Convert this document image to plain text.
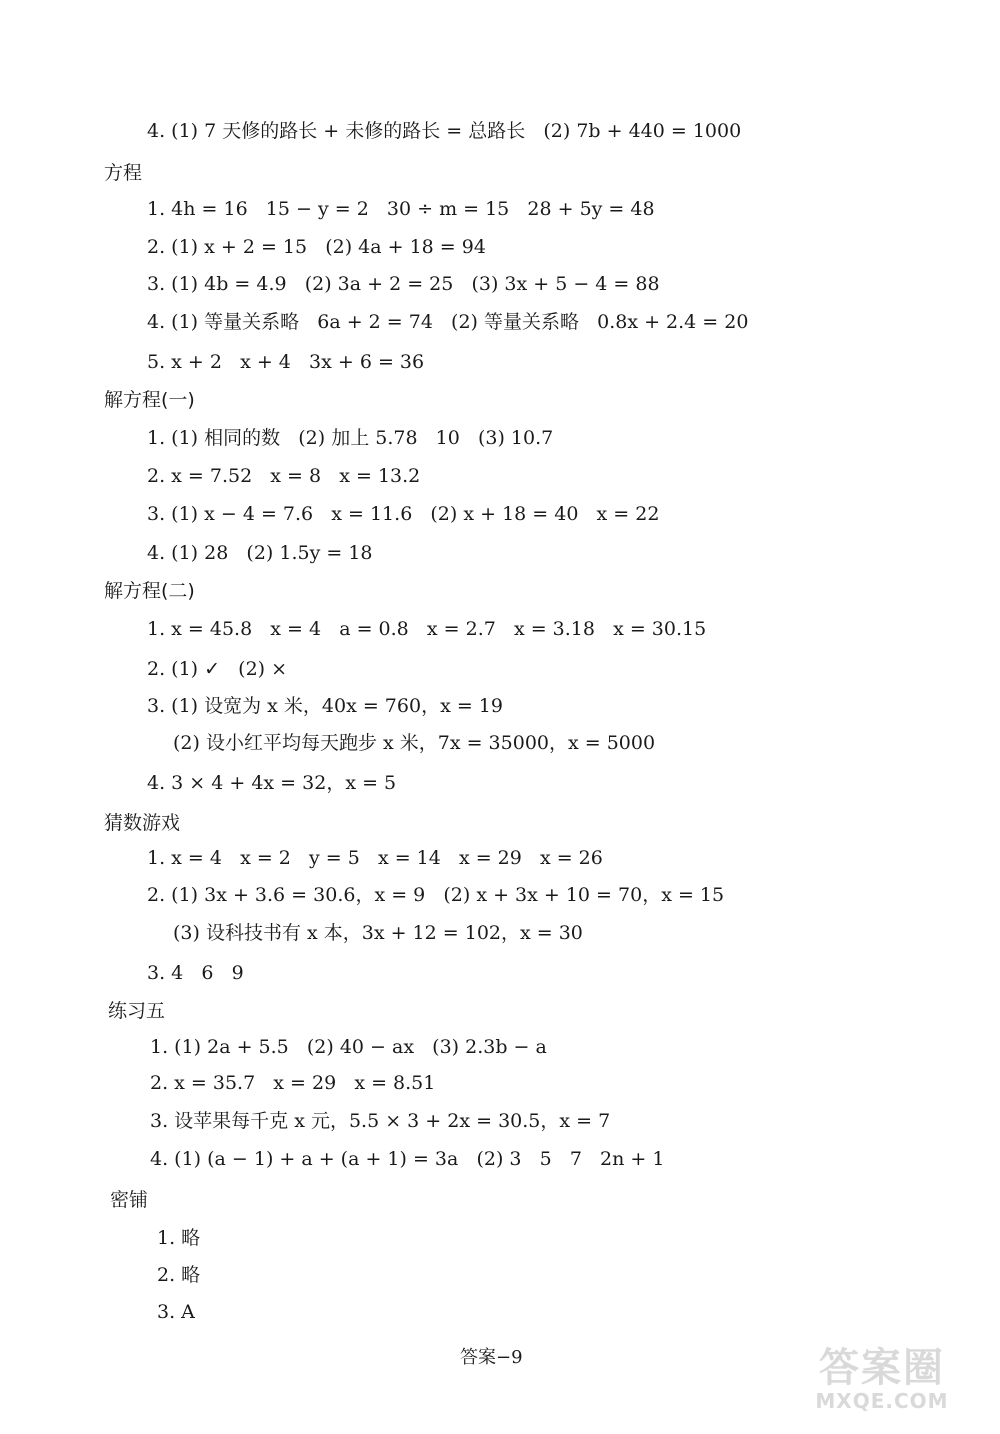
4. (1) 7 天修的路长 + 未修的路长 = 总路长   (2) 7b + 440 = 1000
方程
1. 4h = 16   15 − y = 2   30 ÷ m = 15   28 + 5y = 48
2. (1) x + 2 = 15   (2) 4a + 18 = 94
3. (1) 4b = 4.9   (2) 3a + 2 = 25   (3) 3x + 5 − 4 = 88
4. (1) 等量关系略   6a + 2 = 74   (2) 等量关系略   0.8x + 2.4 = 20
5. x + 2   x + 4   3x + 6 = 36
解方程(一)
1. (1) 相同的数   (2) 加上 5.78   10   (3) 10.7
2. x = 7.52   x = 8   x = 13.2
3. (1) x − 4 = 7.6   x = 11.6   (2) x + 18 = 40   x = 22
4. (1) 28   (2) 1.5y = 18
解方程(二)
1. x = 45.8   x = 4   a = 0.8   x = 2.7   x = 3.18   x = 30.15
2. (1) ✓   (2) ×
3. (1) 设宽为 x 米，40x = 760，x = 19
(2) 设小红平均每天跑步 x 米，7x = 35000，x = 5000
4. 3 × 4 + 4x = 32，x = 5
猜数游戏
1. x = 4   x = 2   y = 5   x = 14   x = 29   x = 26
2. (1) 3x + 3.6 = 30.6，x = 9   (2) x + 3x + 10 = 70，x = 15
(3) 设科技书有 x 本，3x + 12 = 102，x = 30
3. 4   6   9
练习五
1. (1) 2a + 5.5   (2) 40 − ax   (3) 2.3b − a
2. x = 35.7   x = 29   x = 8.51
3. 设苹果每千克 x 元，5.5 × 3 + 2x = 30.5，x = 7
4. (1) (a − 1) + a + (a + 1) = 3a   (2) 3   5   7   2n + 1
密铺
1. 略
2. 略
3. A
答案−9	答案圈
MXQE.COM
